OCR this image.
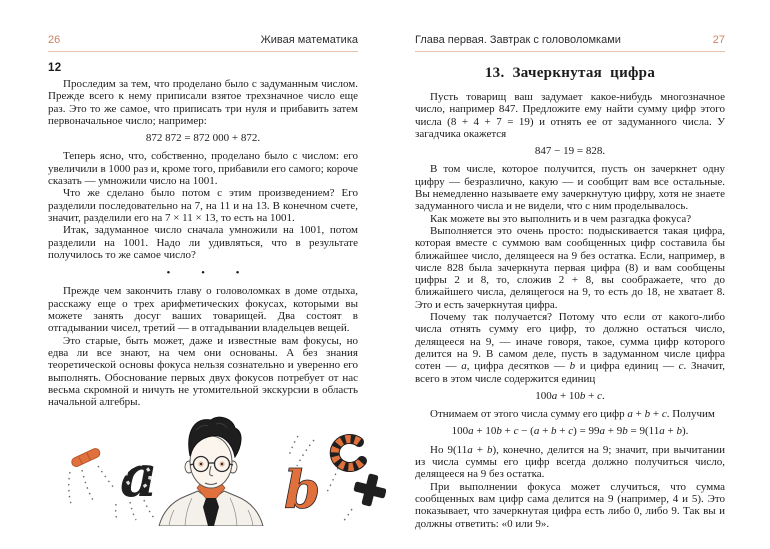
26	Живая математика
12

Проследим за тем, что проделано было с задуманным числом. Прежде всего к нему приписали взятое трехзначное число еще раз. Это то же самое, что приписать три нуля и прибавить затем первоначальное число; например:

872 872 = 872 000 + 872.

Теперь ясно, что, собственно, проделано было с числом: его увеличили в 1000 раз и, кроме того, прибавили его самого; короче сказать — умножили число на 1001.

Что же сделано было потом с этим произведением? Его разделили последовательно на 7, на 11 и на 13. В конечном счете, значит, разделили его на 7 × 11 × 13, то есть на 1001.

Итак, задуманное число сначала умножили на 1001, потом разделили на 1001. Надо ли удивляться, что в результате получилось то же самое число?

• • •

Прежде чем закончить главу о головоломках в доме отдыха, расскажу еще о трех арифметических фокусах, которыми вы можете занять досуг ваших товарищей. Два состоят в отгадывании чисел, третий — в отгадывании владельцев вещей.

Это старые, быть может, даже и известные вам фокусы, но едва ли все знают, на чем они основаны. А без знания теоретической основы фокуса нельзя сознательно и уверенно его выполнять. Обоснование первых двух фокусов потребует от нас весьма скромной и ничуть не утомительной экскурсии в область начальной алгебры.

a b
Глава первая. Завтрак с головоломками	27
13. Зачеркнутая цифра

Пусть товарищ ваш задумает какое-нибудь многозначное число, например 847. Предложите ему найти сумму цифр этого числа (8 + 4 + 7 = 19) и отнять ее от задуманного числа. У загадчика окажется

847 − 19 = 828.

В том числе, которое получится, пусть он зачеркнет одну цифру — безразлично, какую — и сообщит вам все остальные. Вы немедленно называете ему зачеркнутую цифру, хотя не знаете задуманного числа и не видели, что с ним проделывалось.

Как можете вы это выполнить и в чем разгадка фокуса?

Выполняется это очень просто: подыскивается такая цифра, которая вместе с суммою вам сообщенных цифр составила бы ближайшее число, делящееся на 9 без остатка. Если, например, в числе 828 была зачеркнута первая цифра (8) и вам сообщены цифры 2 и 8, то, сложив 2 + 8, вы соображаете, что до ближайшего числа, делящегося на 9, то есть до 18, не хватает 8. Это и есть зачеркнутая цифра.

Почему так получается? Потому что если от какого-либо числа отнять сумму его цифр, то должно остаться число, делящееся на 9, — иначе говоря, такое, сумма цифр которого делится на 9. В самом деле, пусть в задуманном числе цифра сотен — a, цифра десятков — b и цифра единиц — c. Значит, всего в этом числе содержится единиц

100a + 10b + c.

Отнимаем от этого числа сумму его цифр a + b + c. Получим

100a + 10b + c − (a + b + c) = 99a + 9b = 9(11a + b).

Но 9(11a + b), конечно, делится на 9; значит, при вычитании из числа суммы его цифр всегда должно получиться число, делящееся на 9 без остатка.

При выполнении фокуса может случиться, что сумма сообщенных вам цифр сама делится на 9 (например, 4 и 5). Это показывает, что зачеркнутая цифра есть либо 0, либо 9. Так вы и должны ответить: «0 или 9».
